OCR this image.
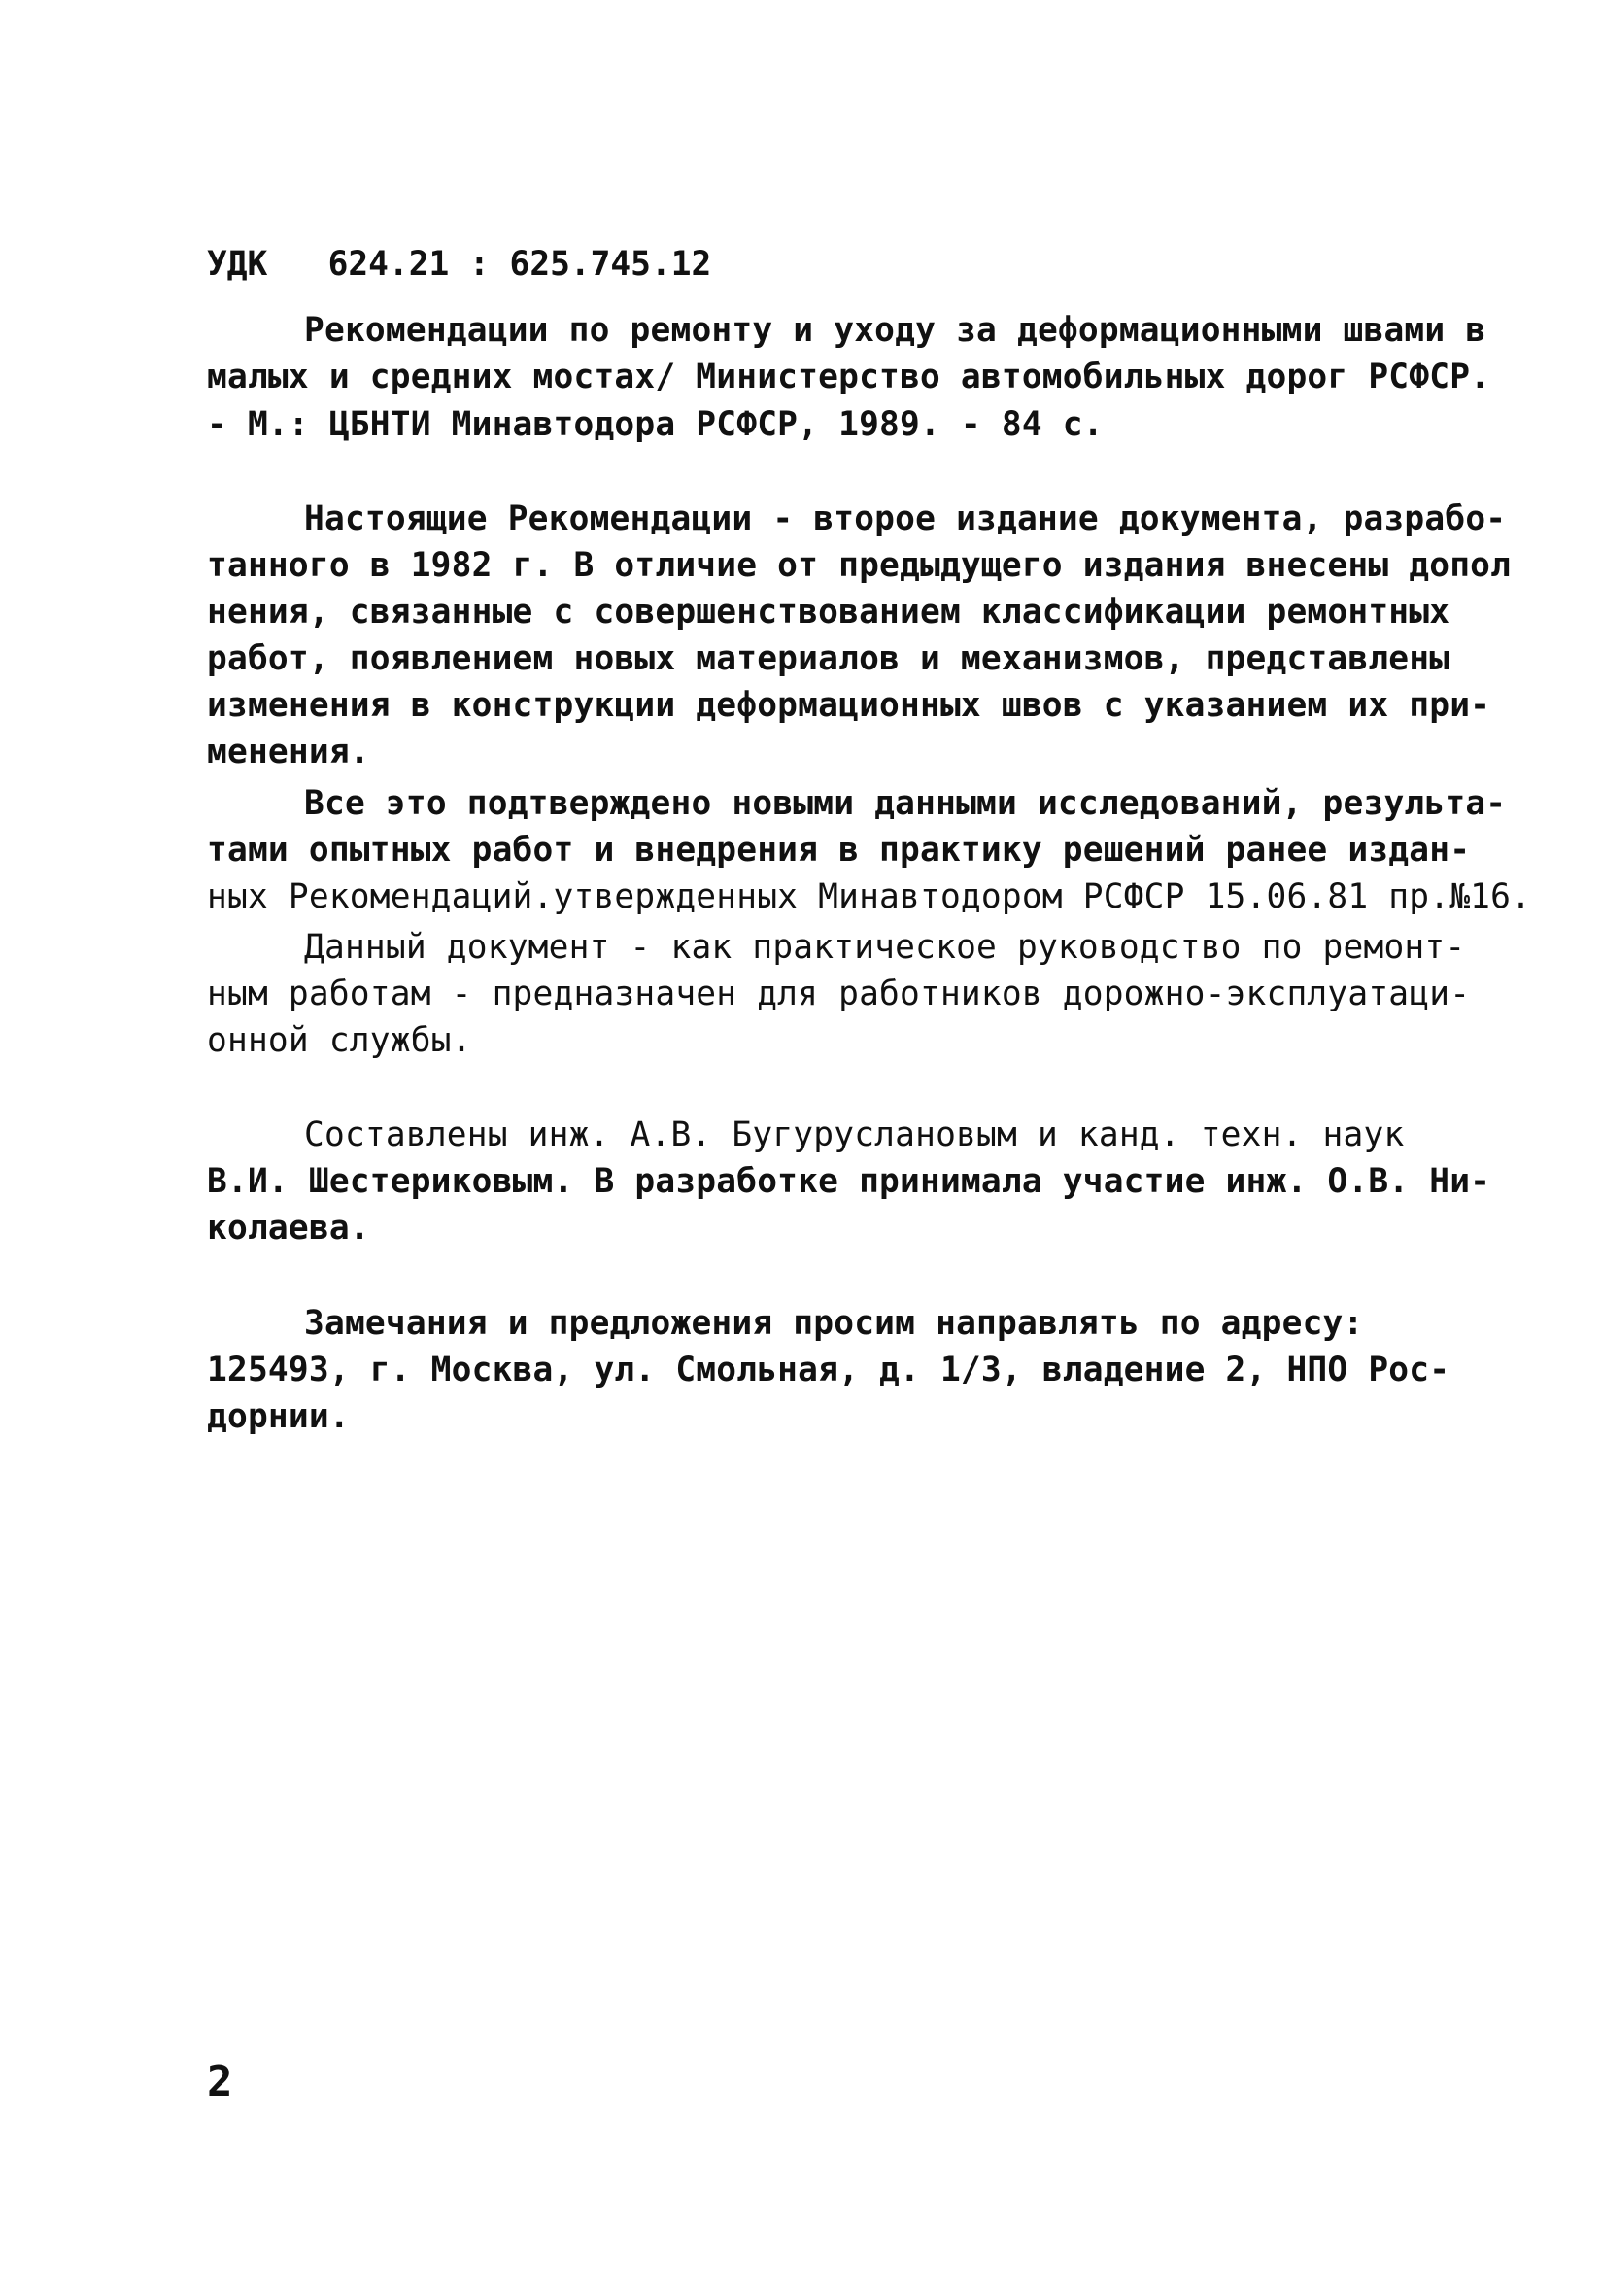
УДК 624.21 : 625.745.12
Рекомендации по ремонту и уходу за деформационными швами в
малых и средних мостах/ Министерство автомобильных дорог РСФСР.
- М.: ЦБНТИ Минавтодора РСФСР, 1989. - 84 с.
Настоящие Рекомендации - второе издание документа, разрабо-
танного в 1982 г. В отличие от предыдущего издания внесены допол
нения, связанные с совершенствованием классификации ремонтных
работ, появлением новых материалов и механизмов, представлены
изменения в конструкции деформационных швов с указанием их при-
менения.
Все это подтверждено новыми данными исследований, результа-
тами опытных работ и внедрения в практику решений ранее издан-
ных Рекомендаций.утвержденных Минавтодором РСФСР 15.06.81 пр.№16.
Данный документ - как практическое руководство по ремонт-
ным работам - предназначен для работников дорожно-эксплуатаци-
онной службы.
Составлены инж. А.В. Бугуруслановым и канд. техн. наук
В.И. Шестериковым. В разработке принимала участие инж. О.В. Ни-
колаева.
Замечания и предложения просим направлять по адресу:
125493, г. Москва, ул. Смольная, д. 1/3, владение 2, НПО Рос-
дорнии.
2
